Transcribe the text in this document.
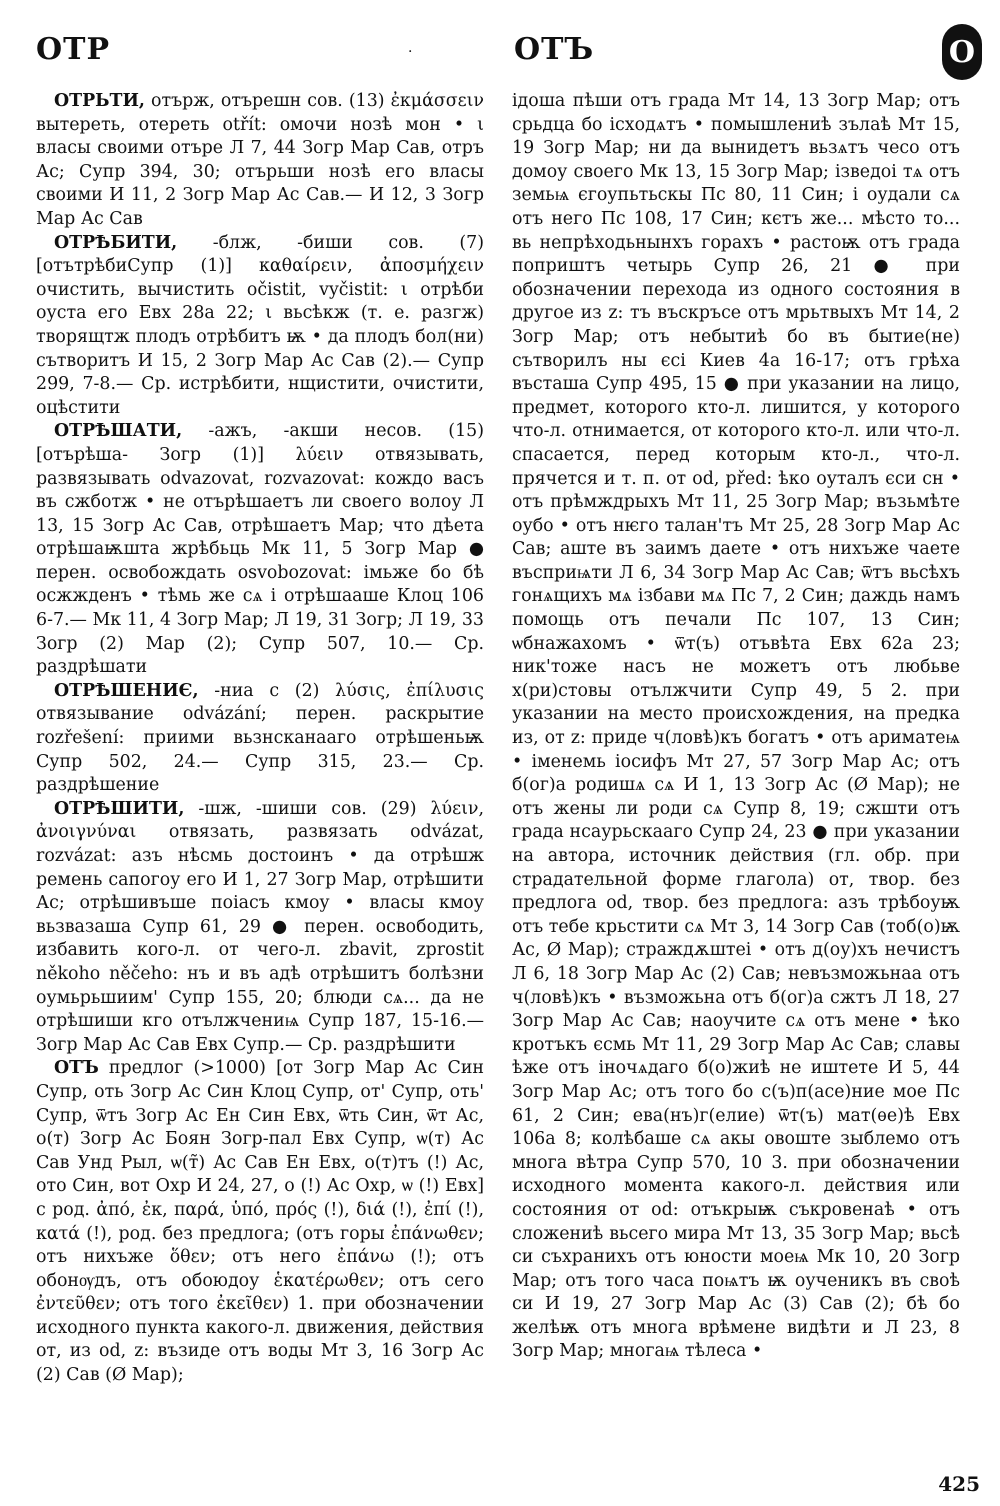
ОТР	·	ОТЪ	О

ОТРЬТИ, отърж, отърешн сов. (13) ἐκμάσσειν вытереть, отереть otřít: омочи нозѣ мон • ι власы своими отъре Л 7, 44 Зогр Мар Сав, отръ Ас; Супр 394, 30; отърьши нозѣ его власы своими И 11, 2 Зогр Мар Ас Сав.— И 12, 3 Зогр Мар Ас Сав

ОТРѢБИТИ, -блж, -биши сов. (7) [отътрѣбиСупр (1)] καθαίρειν, ἀποσμήχειν очистить, вычистить očistit, vyčistit: ι отрѣби оуста его Евх 28а 22; ι вьсѣкж (т. е. разгж) творящтж плодъ отрѣбитъ ѭ • да плодъ бол(ни) сътворитъ И 15, 2 Зогр Мар Ас Сав (2).— Супр 299, 7-8.— Ср. истрѣбити, нщистити, очистити, оцѣстити

ОТРѢШАТИ, -ажъ, -акши несов. (15) [отърѣша- Зогр (1)] λύειν отвязывать, развязывать odvazovat, rozvazovat: кождо васъ въ сжботж • не отърѣшаетъ ли своего волоу Л 13, 15 Зогр Ас Сав, отрѣшаетъ Мар; что дѣета отрѣшаѭшта жрѣбьць Мк 11, 5 Зогр Мар ● перен. освобождать osvobozovat: імьже бо бѣ осжжденъ • тѣмь же сѧ і отрѣшааше Клоц 106 6-7.— Мк 11, 4 Зогр Мар; Л 19, 31 Зогр; Л 19, 33 Зогр (2) Мар (2); Супр 507, 10.— Ср. раздрѣшати

ОТРѢШЕНИЄ, -ниа с (2) λύσις, ἐπίλυσις отвязывание odvázání; перен. раскрытие rozřešení: приими вьзнсканааго отрѣшеньѭ Супр 502, 24.— Супр 315, 23.— Ср. раздрѣшение

ОТРѢШИТИ, -шж, -шиши сов. (29) λύειν, ἀνοιγνύναι отвязать, развязать odvázat, rozvázat: азъ нѣсмь достоинъ • да отрѣшж ремень сапогоу его И 1, 27 Зогр Мар, отрѣшити Ас; отрѣшивъше поіасъ кмоу • власы кмоу вьзвазаша Супр 61, 29 ● перен. освободить, избавить кого-л. от чего-л. zbavit, zprostit někoho něčeho: нъ и въ адѣ отрѣшитъ болѣзни оумьрьшиим' Супр 155, 20; блюди сѧ... да не отрѣшиши кго отължчениѩ Супр 187, 15-16.— Зогр Мар Ас Сав Евх Супр.— Ср. раздрѣшити

ОТЪ предлог (>1000) [от Зогр Мар Ас Син Супр, оть Зогр Ас Син Клоц Супр, от' Супр, оть' Супр, ѿтъ Зогр Ас Ен Син Евх, ѿть Син, ѿт Ас, о(т) Зогр Ас Боян Зогр-пал Евх Супр, ѡ(т) Ас Сав Унд Рыл, ѡ(т̃) Ас Сав Ен Евх, о(т)тъ (!) Ас, ото Син, вот Охр И 24, 27, о (!) Ас Охр, ѡ (!) Евх] с род. ἀπό, ἐκ, παρά, ὑπό, πρός (!), διά (!), ἐπί (!), κατά (!), род. без предлога; (отъ горы ἐπάνωθεν; отъ нихъже ὅθεν; отъ него ἐπάνω (!); отъ обонѹдъ, отъ обоюдоу ἑκατέρωθεν; отъ сего ἐντεῦθεν; отъ того ἐκεῖθεν) 1. при обозначении исходного пункта какого-л. движения, действия от, из od, z: възиде отъ воды Мт 3, 16 Зогр Ас (2) Сав (Ø Мар);

ідоша пѣши отъ града Мт 14, 13 Зогр Мар; отъ срьдца бо ісходѧтъ • помышлениѣ зълаѣ Мт 15, 19 Зогр Мар; ни да вынидетъ вьзѧтъ чесо отъ домоу своего Мк 13, 15 Зогр Мар; ізведоі тѧ отъ земьѩ єгоупьтьскы Пс 80, 11 Син; і оудали сѧ отъ него Пс 108, 17 Син; кєтъ же... мѣсто то... вь непрѣходьнынхъ горахъ • растоѭ отъ града поприштъ четырь Супр 26, 21 ● при обозначении перехода из одного состояния в другое из z: тъ въскръсе отъ мрьтвыхъ Мт 14, 2 Зогр Мар; отъ небытиѣ бо въ бытие(не) сътворилъ ны єсі Киев 4а 16-17; отъ грѣха въсташа Супр 495, 15 ● при указании на лицо, предмет, которого кто-л. лишится, у которого что-л. отнимается, от которого кто-л. или что-л. спасается, перед которым кто-л., что-л. прячется и т. п. от od, před: ѣко оуталъ єси сн • отъ прѣмждрыхъ Мт 11, 25 Зогр Мар; възьмѣте оубо • отъ нѥго талан'тъ Мт 25, 28 Зогр Мар Ас Сав; аште въ заимъ даете • отъ нихъже чаете въсприѩти Л 6, 34 Зогр Мар Ас Сав; ѿтъ вьсѣхъ гонѧщихъ мѧ ізбави мѧ Пс 7, 2 Син; даждь намъ помощь отъ печали Пс 107, 13 Син; ѡбнажахомъ • ѿт(ъ) отъвѣта Евх 62а 23; ник'тоже насъ не можетъ отъ любьве х(ри)стовы отължчити Супр 49, 5 2. при указании на место происхождения, на предка из, от z: приде ч(ловѣ)къ богатъ • отъ ариматеѩ • іменемь іосифъ Мт 27, 57 Зогр Мар Ас; отъ б(ог)а родишѧ сѧ И 1, 13 Зогр Ас (Ø Мар); не отъ жены ли роди сѧ Супр 8, 19; сжшти отъ града нсаурьскааго Супр 24, 23 ● при указании на автора, источник действия (гл. обр. при страдательной форме глагола) от, твор. без предлога od, твор. без предлога: азъ трѣбоуѭ отъ тебе крьстити сѧ Мт 3, 14 Зогр Сав (тоб(о)ѭ Ас, Ø Мар); страждѫштеі • отъ д(оу)хъ нечистъ Л 6, 18 Зогр Мар Ас (2) Сав; невъзможьнаа отъ ч(ловѣ)къ • възможьна отъ б(ог)а сжтъ Л 18, 27 Зогр Мар Ас Сав; наоучите сѧ отъ мене • ѣко кротъкъ єсмь Мт 11, 29 Зогр Мар Ас Сав; славы ѣже отъ іночѧдаго б(о)жиѣ не иштете И 5, 44 Зогр Мар Ас; отъ того бо с(ъ)п(асе)ние мое Пс 61, 2 Син; ева(нъ)г(елие) ѿт(ъ) мат(ѳе)ѣ Евх 106а 8; колѣбаше сѧ акы овоште зыблемо отъ многа вѣтра Супр 570, 10 3. при обозначении исходного момента какого-л. действия или состояния от od: отъкрыѭ съкровенаѣ • отъ сложениѣ вьсего мира Мт 13, 35 Зогр Мар; вьсѣ си съхранихъ отъ юности моеѩ Мк 10, 20 Зогр Мар; отъ того часа поѩтъ ѭ оученикъ въ своѣ си И 19, 27 Зогр Мар Ас (3) Сав (2); бѣ бо желѣѭ отъ многа врѣмене видѣти и Л 23, 8 Зогр Мар; многаѩ тѣлеса •

425
